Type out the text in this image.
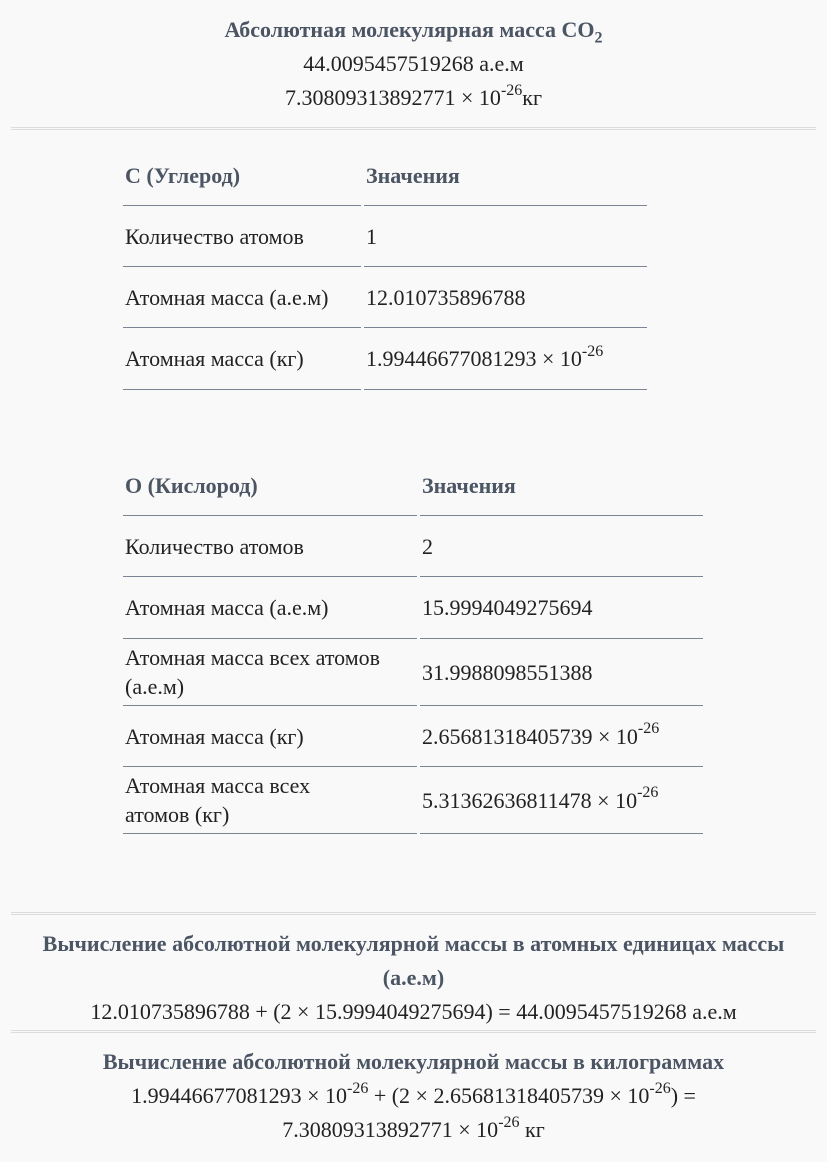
Абсолютная молекулярная масса $CO_2$
44.0095457519268 а.е.м
$7.30809313892771 \times 10^{-26}кг$
C (Углерод)	Значения
Количество атомов	1
Атомная масса (а.е.м)	12.010735896788
Атомная масса (кг)	$1.99446677081293 \times 10^{-26}$
O (Кислород)	Значения
Количество атомов	2
Атомная масса (а.е.м)	15.9994049275694
Атомная масса всех атомов (а.е.м)	31.9988098551388
Атомная масса (кг)	$2.65681318405739 \times 10^{-26}$

Атомная масса всех атомов (кг)	$5.31362636811478 \times 10^{-26}$
Вычисление абсолютной молекулярной массы в атомных единицах массы (а.е.м)
12.010735896788 + (2 × 15.9994049275694) = 44.0095457519268 а.е.м
Вычисление абсолютной молекулярной массы в килограммах
$1.99446677081293 \times 10^{-26} + (2 \times 2.65681318405739 \times 10^{-26})$ =
$7.30809313892771 \times 10^{-26}$ кг
